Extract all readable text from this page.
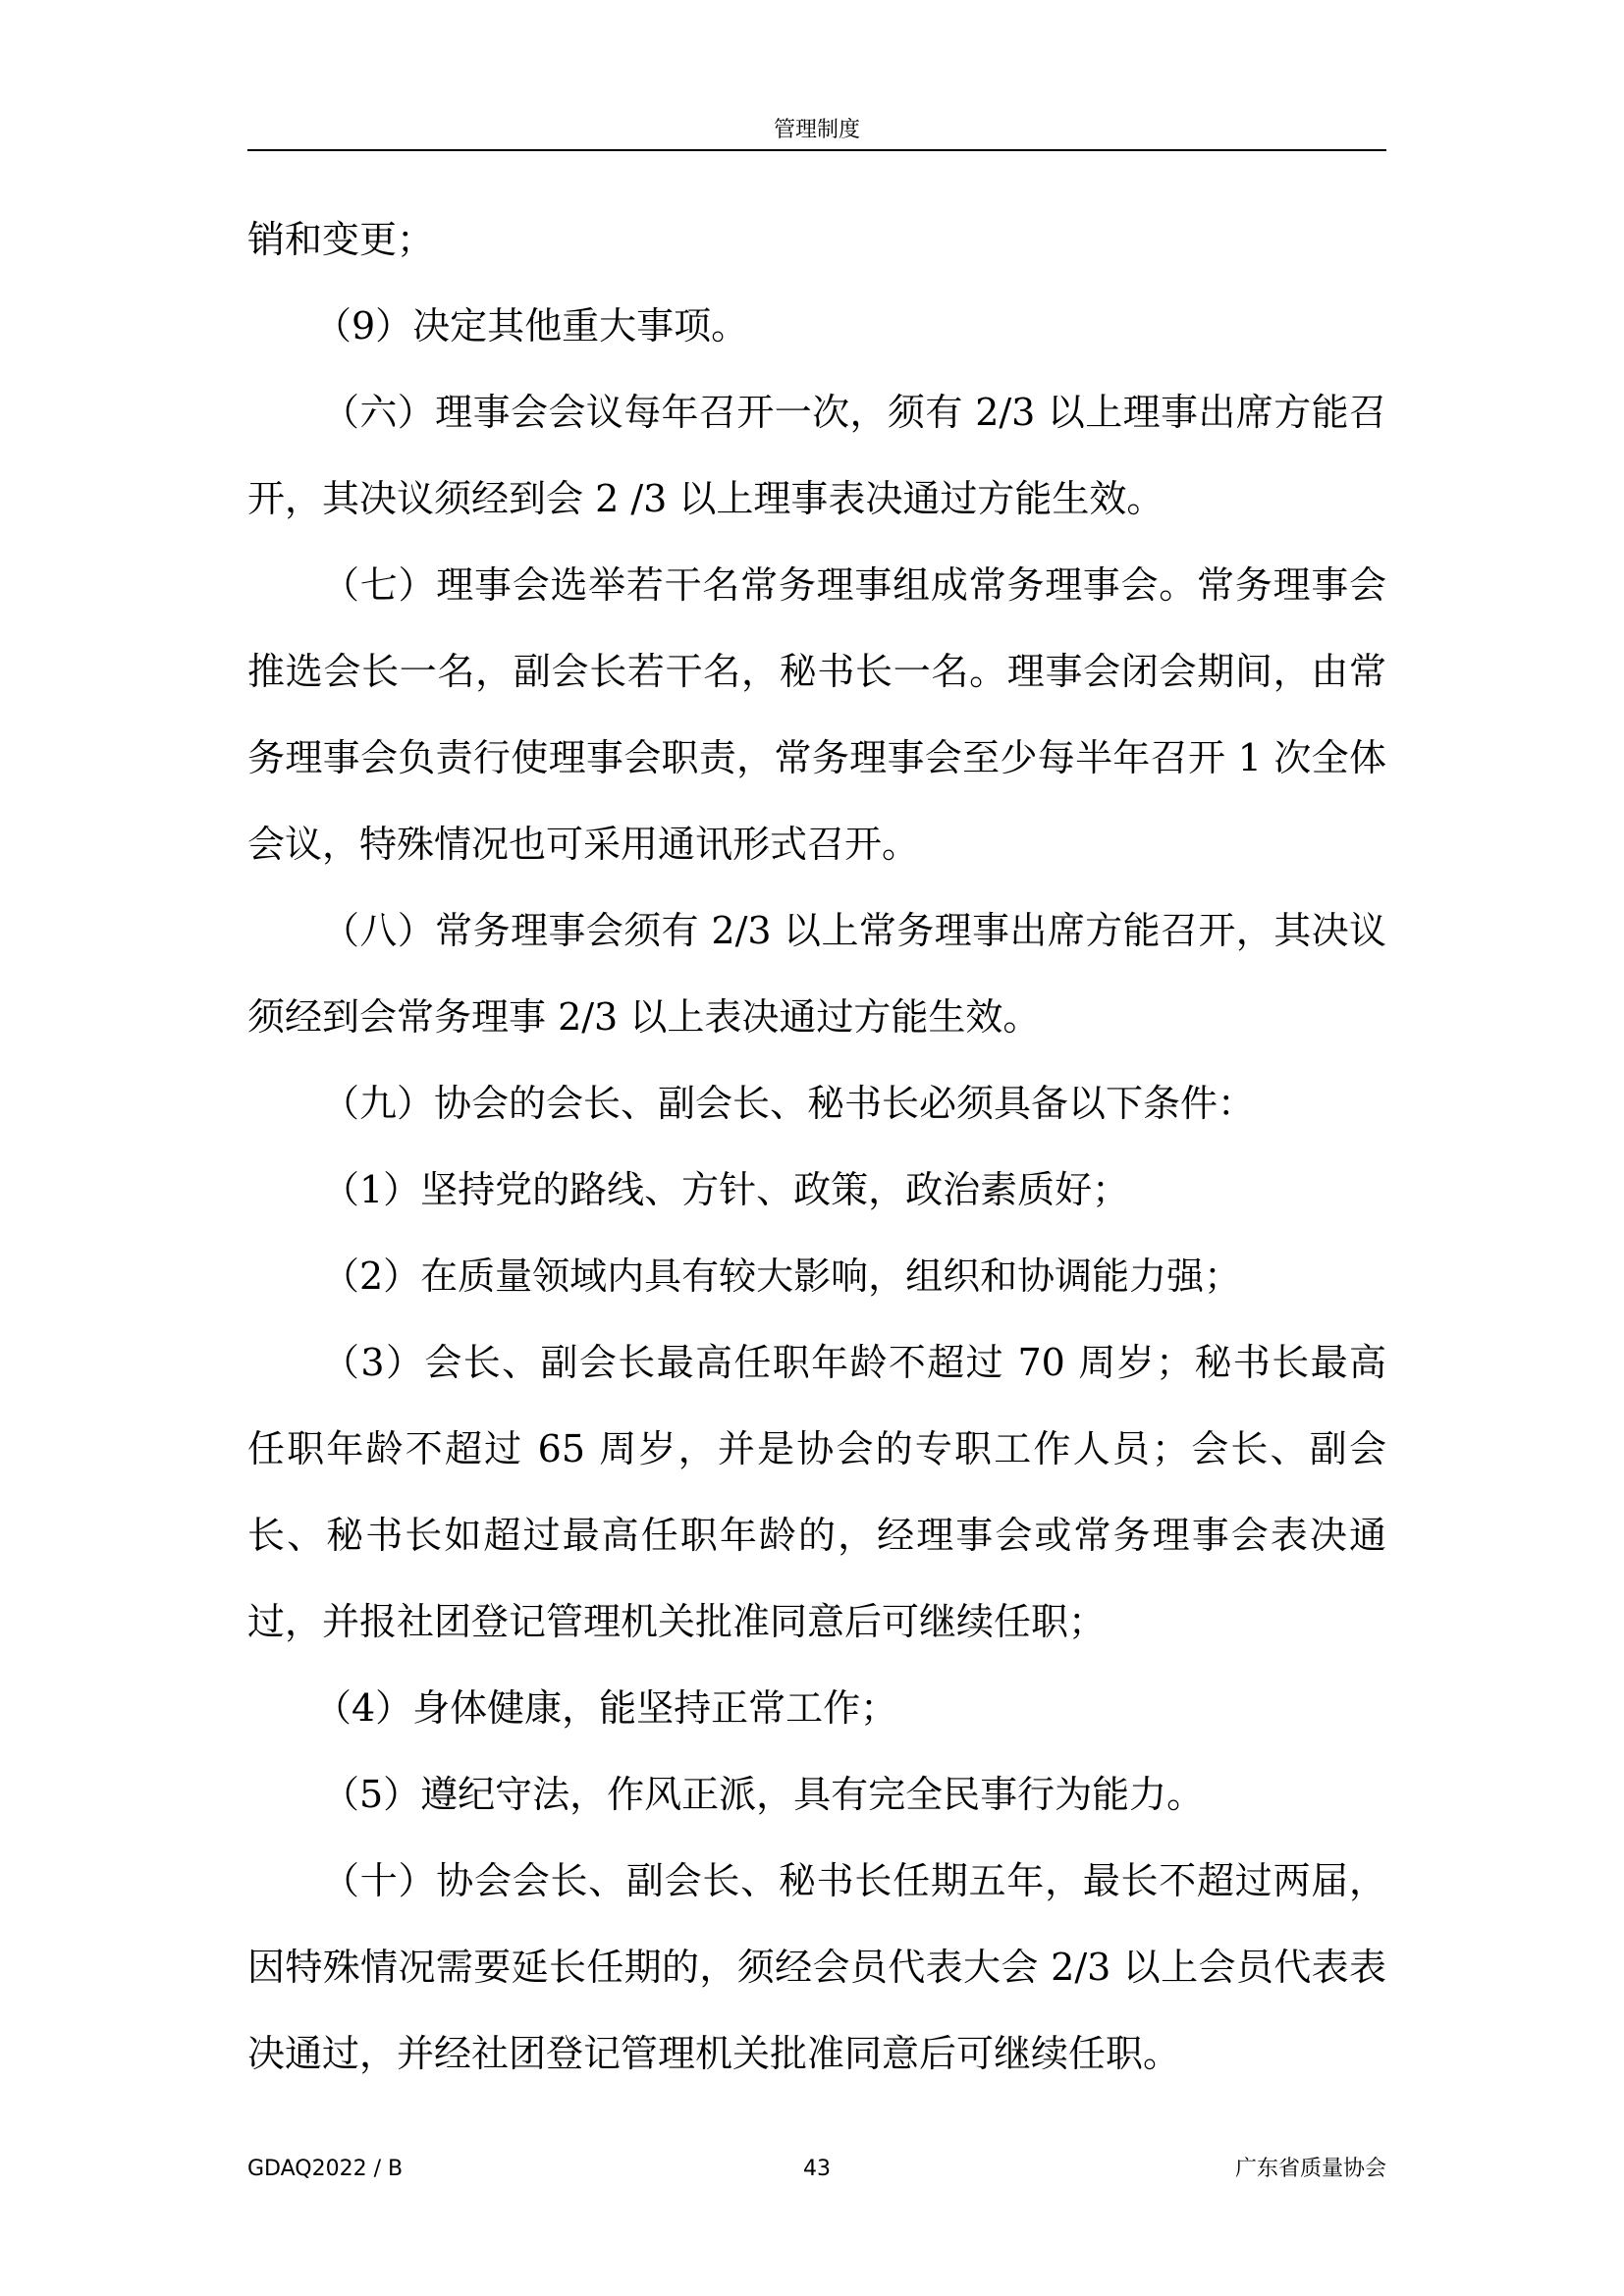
管理制度

销和变更；

（9）决定其他重大事项。

（六）理事会会议每年召开一次，须有 2/3 以上理事出席方能召开，其决议须经到会 2 /3 以上理事表决通过方能生效。

（七）理事会选举若干名常务理事组成常务理事会。常务理事会推选会长一名，副会长若干名，秘书长一名。理事会闭会期间，由常务理事会负责行使理事会职责，常务理事会至少每半年召开 1 次全体会议，特殊情况也可采用通讯形式召开。

（八）常务理事会须有 2/3 以上常务理事出席方能召开，其决议须经到会常务理事 2/3 以上表决通过方能生效。

（九）协会的会长、副会长、秘书长必须具备以下条件：

（1）坚持党的路线、方针、政策，政治素质好；

（2）在质量领域内具有较大影响，组织和协调能力强；

（3）会长、副会长最高任职年龄不超过 70 周岁；秘书长最高任职年龄不超过 65 周岁，并是协会的专职工作人员；会长、副会长、秘书长如超过最高任职年龄的，经理事会或常务理事会表决通过，并报社团登记管理机关批准同意后可继续任职；

（4）身体健康，能坚持正常工作；

（5）遵纪守法，作风正派，具有完全民事行为能力。

（十）协会会长、副会长、秘书长任期五年，最长不超过两届，因特殊情况需要延长任期的，须经会员代表大会 2/3 以上会员代表表决通过，并经社团登记管理机关批准同意后可继续任职。

GDAQ2022 / B	43	广东省质量协会
